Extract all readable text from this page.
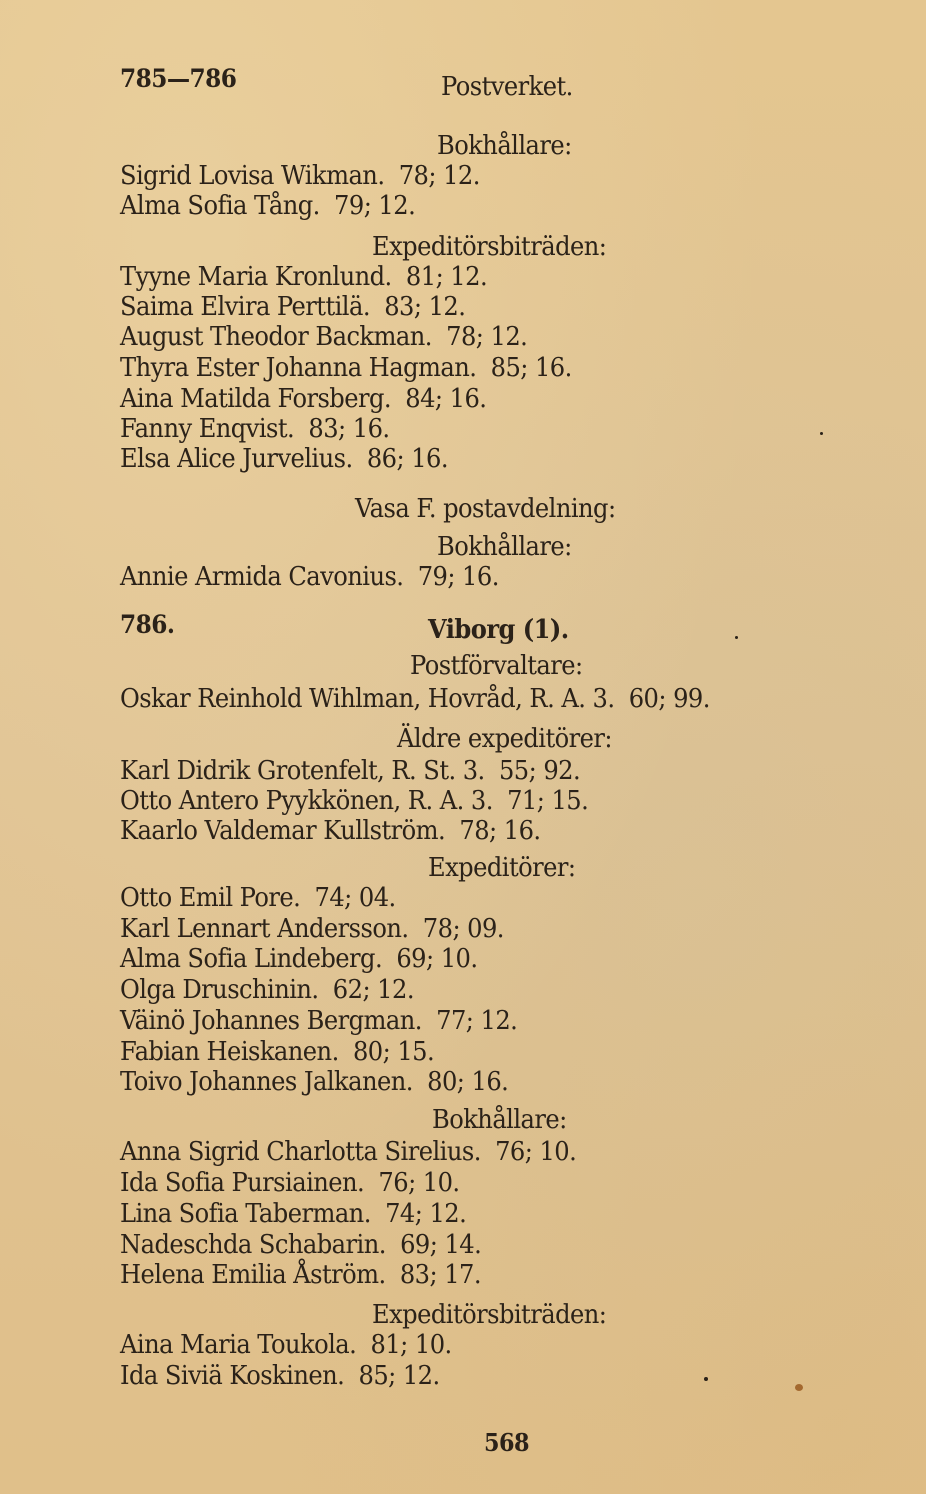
785—786	Postverket.
Bokhållare:
Sigrid Lovisa Wikman.  78; 12.
Alma Sofia Tång.  79; 12.
Expeditörsbiträden:
Tyyne Maria Kronlund.  81; 12.
Saima Elvira Perttilä.  83; 12.
August Theodor Backman.  78; 12.
Thyra Ester Johanna Hagman.  85; 16.
Aina Matilda Forsberg.  84; 16.
Fanny Enqvist.  83; 16.
Elsa Alice Jurvelius.  86; 16.
Vasa F. postavdelning:
Bokhållare:
Annie Armida Cavonius.  79; 16.
786.	Viborg (1).
Postförvaltare:
Oskar Reinhold Wihlman, Hovråd, R. A. 3.  60; 99.
Äldre expeditörer:
Karl Didrik Grotenfelt, R. St. 3.  55; 92.
Otto Antero Pyykkönen, R. A. 3.  71; 15.
Kaarlo Valdemar Kullström.  78; 16.
Expeditörer:
Otto Emil Pore.  74; 04.
Karl Lennart Andersson.  78; 09.
Alma Sofia Lindeberg.  69; 10.
Olga Druschinin.  62; 12.
Väinö Johannes Bergman.  77; 12.
Fabian Heiskanen.  80; 15.
Toivo Johannes Jalkanen.  80; 16.
Bokhållare:
Anna Sigrid Charlotta Sirelius.  76; 10.
Ida Sofia Pursiainen.  76; 10.
Lina Sofia Taberman.  74; 12.
Nadeschda Schabarin.  69; 14.
Helena Emilia Åström.  83; 17.
Expeditörsbiträden:
Aina Maria Toukola.  81; 10.
Ida Siviä Koskinen.  85; 12.
568
